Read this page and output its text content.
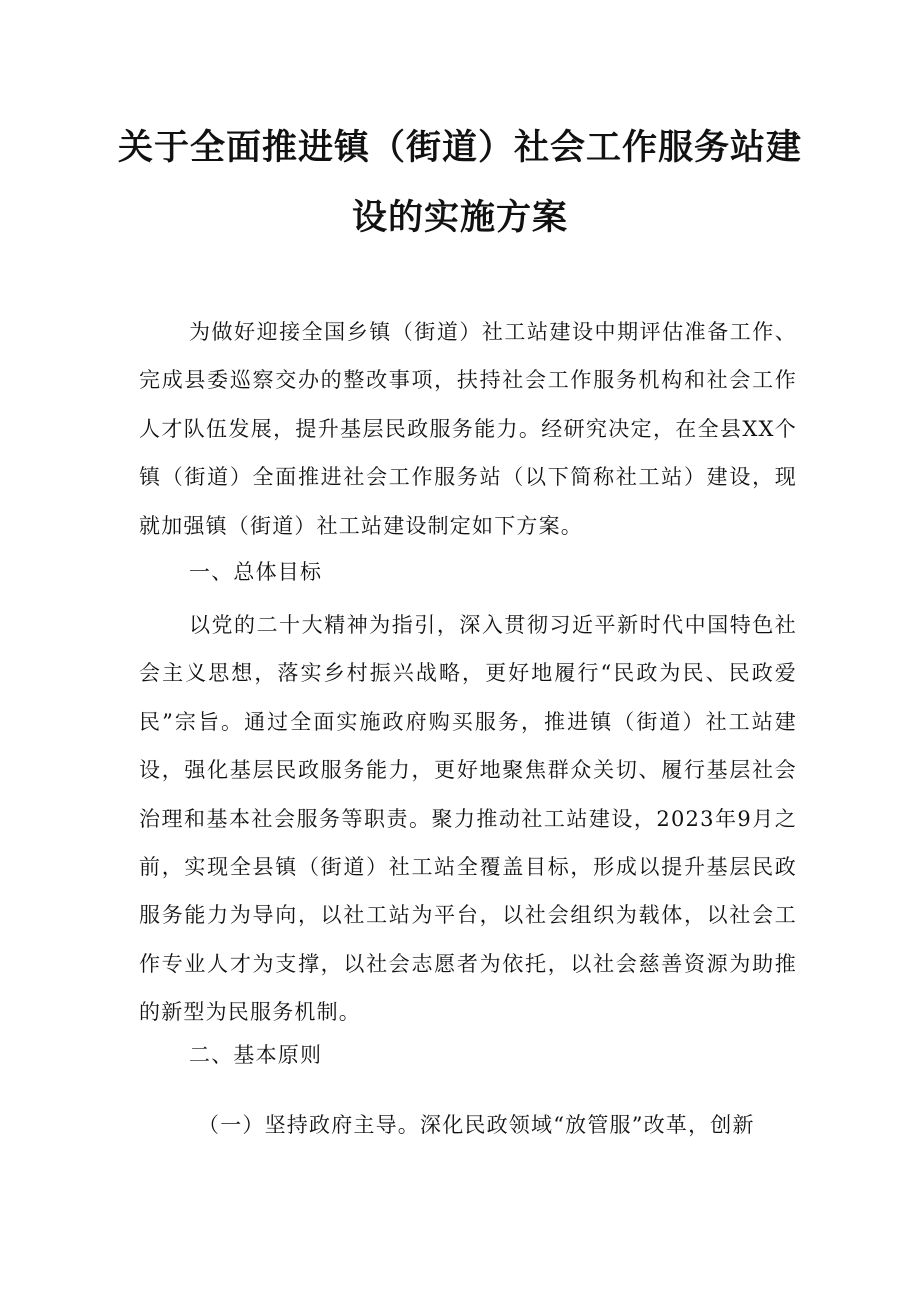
关于全面推进镇（街道）社会工作服务站建
设的实施方案

为做好迎接全国乡镇（街道）社工站建设中期评估准备工作、完成县委巡察交办的整改事项，扶持社会工作服务机构和社会工作人才队伍发展，提升基层民政服务能力。经研究决定，在全县XX个镇（街道）全面推进社会工作服务站（以下简称社工站）建设，现就加强镇（街道）社工站建设制定如下方案。

一、总体目标

以党的二十大精神为指引，深入贯彻习近平新时代中国特色社会主义思想，落实乡村振兴战略，更好地履行“民政为民、民政爱民”宗旨。通过全面实施政府购买服务，推进镇（街道）社工站建设，强化基层民政服务能力，更好地聚焦群众关切、履行基层社会治理和基本社会服务等职责。聚力推动社工站建设，2023年9月之前，实现全县镇（街道）社工站全覆盖目标，形成以提升基层民政服务能力为导向，以社工站为平台，以社会组织为载体，以社会工作专业人才为支撑，以社会志愿者为依托，以社会慈善资源为助推的新型为民服务机制。

二、基本原则

（一）坚持政府主导。深化民政领域“放管服”改革，创新
